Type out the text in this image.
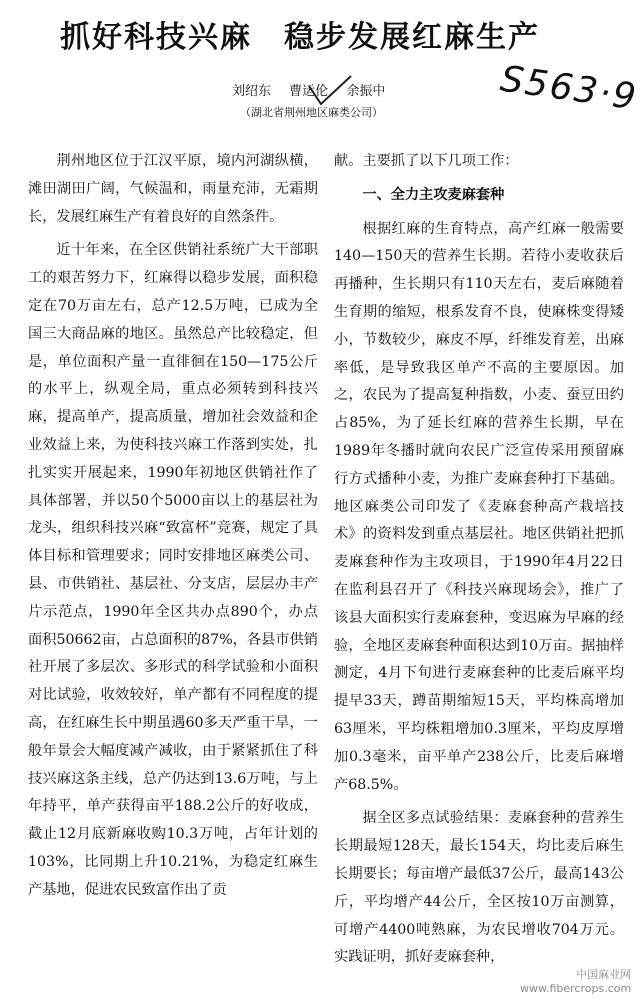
抓好科技兴麻　稳步发展红麻生产
刘绍东 曹运伦 余振中
（湖北省荆州地区麻类公司）	S563·9

荆州地区位于江汉平原，境内河湖纵横，滩田湖田广阔，气候温和，雨量充沛，无霜期长，发展红麻生产有着良好的自然条件。

近十年来，在全区供销社系统广大干部职工的艰苦努力下，红麻得以稳步发展，面积稳定在70万亩左右，总产12.5万吨，已成为全国三大商品麻的地区。虽然总产比较稳定，但是，单位面积产量一直徘徊在150—175公斤的水平上，纵观全局，重点必须转到科技兴麻，提高单产，提高质量，增加社会效益和企业效益上来，为使科技兴麻工作落到实处，扎扎实实开展起来，1990年初地区供销社作了具体部署，并以50个5000亩以上的基层社为龙头，组织科技兴麻“致富杯”竞赛，规定了具体目标和管理要求；同时安排地区麻类公司、县、市供销社、基层社、分支店，层层办丰产片示范点，1990年全区共办点890个，办点面积50662亩，占总面积的87%，各县市供销社开展了多层次、多形式的科学试验和小面积对比试验，收效较好，单产都有不同程度的提高，在红麻生长中期虽遇60多天严重干旱，一般年景会大幅度减产减收，由于紧紧抓住了科技兴麻这条主线，总产仍达到13.6万吨，与上年持平，单产获得亩平188.2公斤的好收成，截止12月底新麻收购10.3万吨，占年计划的103%，比同期上升10.21%，为稳定红麻生产基地，促进农民致富作出了贡

献。主要抓了以下几项工作：

一、全力主攻麦麻套种

根据红麻的生育特点，高产红麻一般需要140—150天的营养生长期。若待小麦收获后再播种，生长期只有110天左右，麦后麻随着生育期的缩短，根系发育不良，使麻株变得矮小，节数较少，麻皮不厚，纤维发育差，出麻率低，是导致我区单产不高的主要原因。加之，农民为了提高复种指数，小麦、蚕豆田约占85%，为了延长红麻的营养生长期，早在1989年冬播时就向农民广泛宣传采用预留麻行方式播种小麦，为推广麦麻套种打下基础。地区麻类公司印发了《麦麻套种高产栽培技术》的资料发到重点基层社。地区供销社把抓麦麻套种作为主攻项目，于1990年4月22日在监利县召开了《科技兴麻现场会》，推广了该县大面积实行麦麻套种，变迟麻为早麻的经验，全地区麦麻套种面积达到10万亩。据抽样测定，4月下旬进行麦麻套种的比麦后麻平均提早33天，蹲苗期缩短15天，平均株高增加63厘米，平均株粗增加0.3厘米，平均皮厚增加0.3毫米，亩平单产238公斤，比麦后麻增产68.5%。

据全区多点试验结果：麦麻套种的营养生长期最短128天，最长154天，均比麦后麻生长期要长；每亩增产最低37公斤，最高143公斤，平均增产44公斤，全区按10万亩测算，可增产4400吨熟麻，为农民增收704万元。实践证明，抓好麦麻套种，

中国麻业网
www.fibercrops.com
